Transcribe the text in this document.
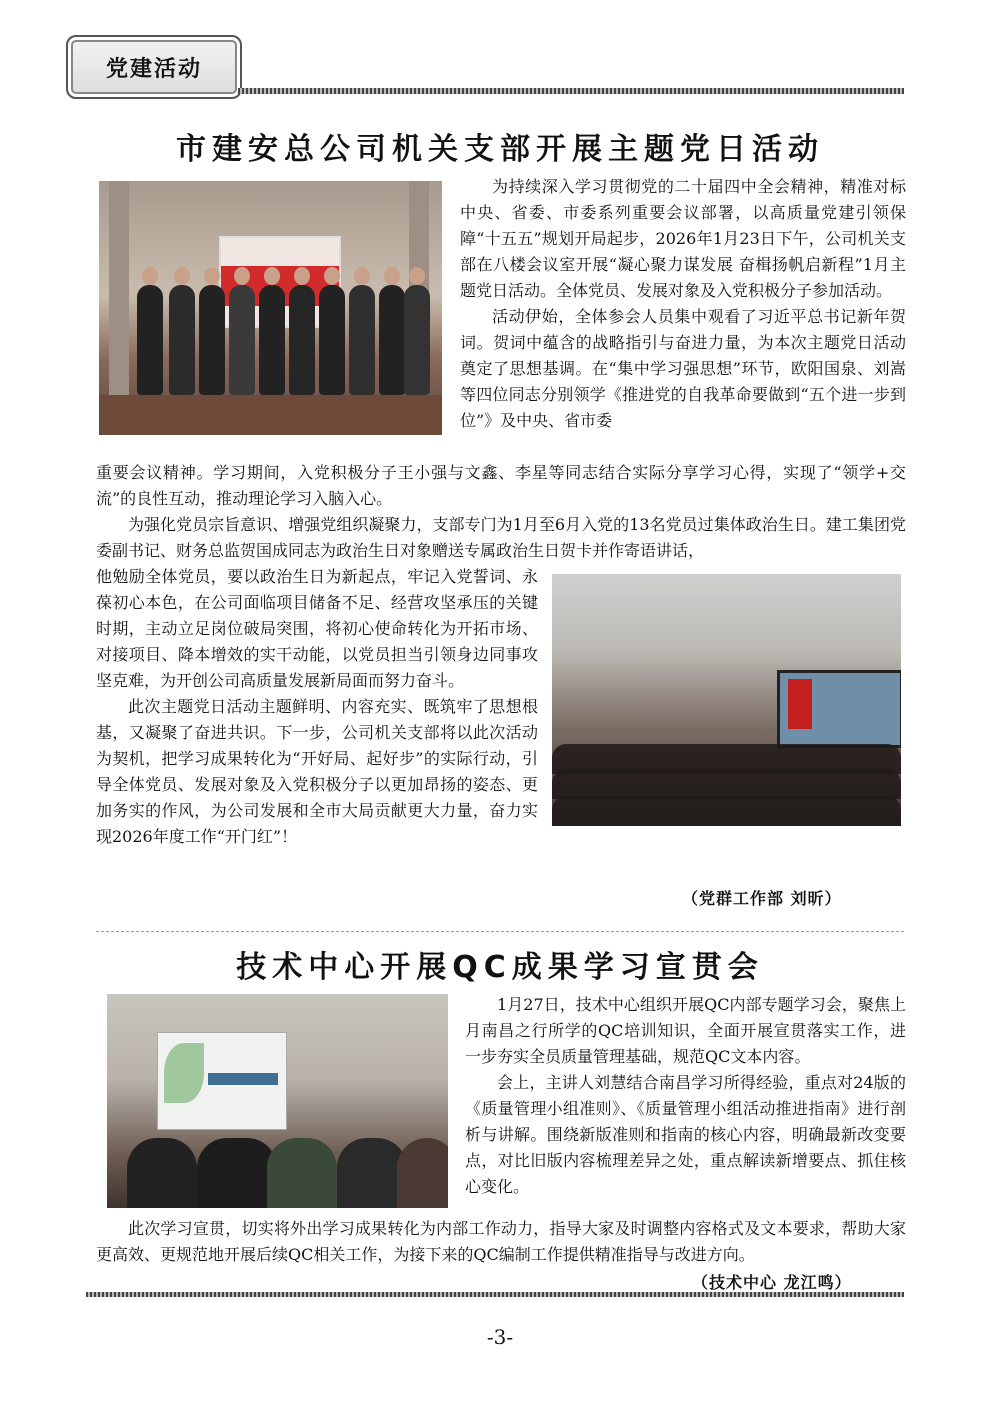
党建活动
市建安总公司机关支部开展主题党日活动

为持续深入学习贯彻党的二十届四中全会精神，精准对标中央、省委、市委系列重要会议部署，以高质量党建引领保障“十五五”规划开局起步，2026年1月23日下午，公司机关支部在八楼会议室开展“凝心聚力谋发展 奋楫扬帆启新程”1月主题党日活动。全体党员、发展对象及入党积极分子参加活动。

活动伊始，全体参会人员集中观看了习近平总书记新年贺词。贺词中蕴含的战略指引与奋进力量，为本次主题党日活动奠定了思想基调。在“集中学习强思想”环节，欧阳国泉、刘嵩等四位同志分别领学《推进党的自我革命要做到“五个进一步到位”》及中央、省市委

重要会议精神。学习期间，入党积极分子王小强与文鑫、李星等同志结合实际分享学习心得，实现了“领学+交流”的良性互动，推动理论学习入脑入心。

为强化党员宗旨意识、增强党组织凝聚力，支部专门为1月至6月入党的13名党员过集体政治生日。建工集团党委副书记、财务总监贺国成同志为政治生日对象赠送专属政治生日贺卡并作寄语讲话，

他勉励全体党员，要以政治生日为新起点，牢记入党誓词、永葆初心本色，在公司面临项目储备不足、经营攻坚承压的关键时期，主动立足岗位破局突围，将初心使命转化为开拓市场、对接项目、降本增效的实干动能，以党员担当引领身边同事攻坚克难，为开创公司高质量发展新局面而努力奋斗。

此次主题党日活动主题鲜明、内容充实、既筑牢了思想根基，又凝聚了奋进共识。下一步，公司机关支部将以此次活动为契机，把学习成果转化为“开好局、起好步”的实际行动，引导全体党员、发展对象及入党积极分子以更加昂扬的姿态、更加务实的作风，为公司发展和全市大局贡献更大力量，奋力实现2026年度工作“开门红”！

（党群工作部 刘昕）
技术中心开展QC成果学习宣贯会

1月27日，技术中心组织开展QC内部专题学习会，聚焦上月南昌之行所学的QC培训知识，全面开展宣贯落实工作，进一步夯实全员质量管理基础，规范QC文本内容。

会上，主讲人刘慧结合南昌学习所得经验，重点对24版的《质量管理小组准则》、《质量管理小组活动推进指南》进行剖析与讲解。围绕新版准则和指南的核心内容，明确最新改变要点，对比旧版内容梳理差异之处，重点解读新增要点、抓住核心变化。

此次学习宣贯，切实将外出学习成果转化为内部工作动力，指导大家及时调整内容格式及文本要求，帮助大家更高效、更规范地开展后续QC相关工作，为接下来的QC编制工作提供精准指导与改进方向。

（技术中心 龙江鸣）
-3-
